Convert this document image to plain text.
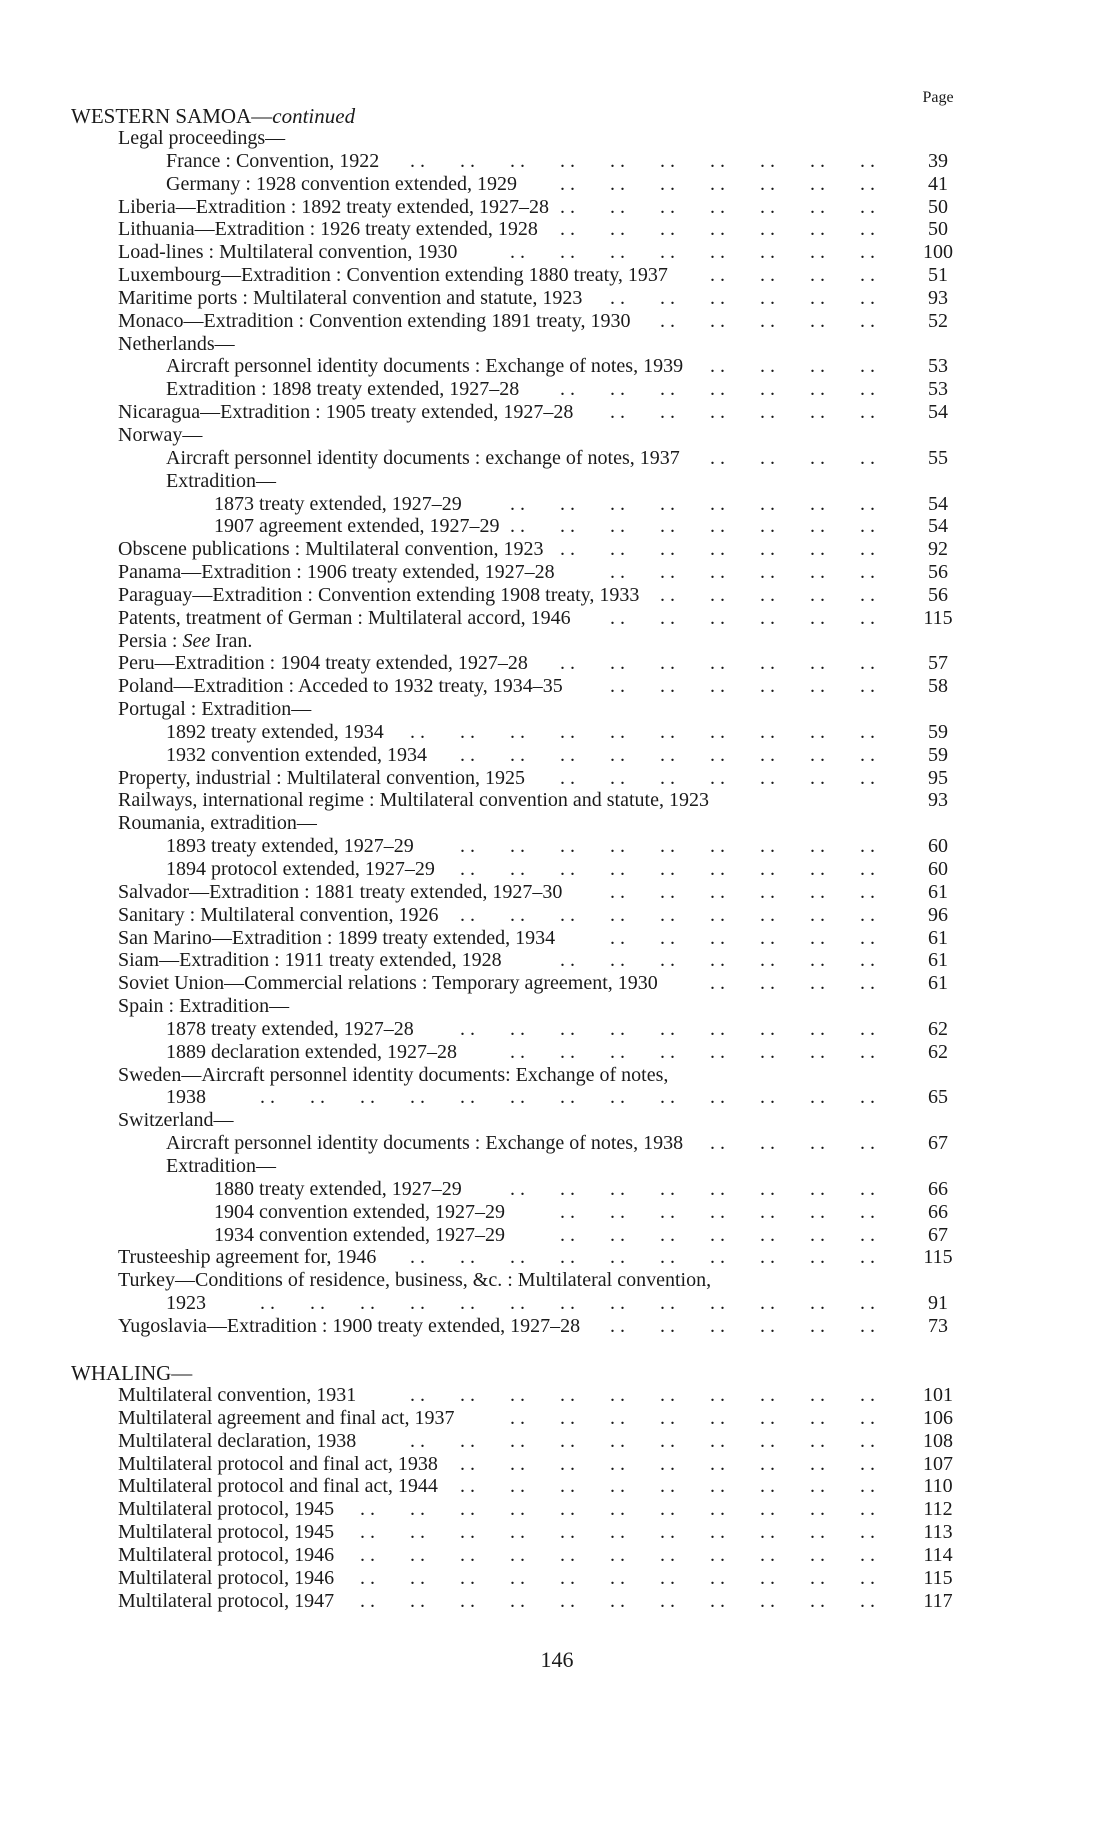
Page
WESTERN SAMOA—continued
Legal proceedings—
France : Convention, 1922 . . . . . . . . . . . . . . . . . . . .	39
Germany : 1928 convention extended, 1929 . . . . . . . . . . . . . .	41
Liberia—Extradition : 1892 treaty extended, 1927–28 . . . . . . . . . . . . . .	50
Lithuania—Extradition : 1926 treaty extended, 1928 . . . . . . . . . . . . . .	50
Load-lines : Multilateral convention, 1930	. . . . . . . . . . . . . . . . 100
Luxembourg—Extradition : Convention extending 1880 treaty, 1937 . . . . . . . .	51
Maritime ports : Multilateral convention and statute, 1923 . . . . . . . . . . . .	93
Monaco—Extradition : Convention extending 1891 treaty, 1930 . . . . . . . . . .	52
Netherlands—
Aircraft personnel identity documents : Exchange of notes, 1939 . . . . . . . .	53
Extradition : 1898 treaty extended, 1927–28 . . . . . . . . . . . . . .	53
Nicaragua—Extradition : 1905 treaty extended, 1927–28 . . . . . . . . . . . .	54
Norway—
Aircraft personnel identity documents : exchange of notes, 1937 . . . . . . . .	55
Extradition—
1873 treaty extended, 1927–29 . . . . . . . . . . . . . . . .	54
1907 agreement extended, 1927–29 . . . . . . . . . . . . . . . .	54
Obscene publications : Multilateral convention, 1923 . . . . . . . . . . . . . .	92
Panama—Extradition : 1906 treaty extended, 1927–28	. . . . . . . . . . . .	56
Paraguay—Extradition : Convention extending 1908 treaty, 1933 . . . . . . . . . .	56
Patents, treatment of German : Multilateral accord, 1946 . . . . . . . . . . . . 115
Persia : See Iran.
Peru—Extradition : 1904 treaty extended, 1927–28 . . . . . . . . . . . . . .	57
Poland—Extradition : Acceded to 1932 treaty, 1934–35 . . . . . . . . . . . .	58
Portugal : Extradition—
1892 treaty extended, 1934 . . . . . . . . . . . . . . . . . . . .	59
1932 convention extended, 1934 . . . . . . . . . . . . . . . . . .	59
Property, industrial : Multilateral convention, 1925 . . . . . . . . . . . . . .	95
Railways, international regime : Multilateral convention and statute, 1923	93
Roumania, extradition—
1893 treaty extended, 1927–29 . . . . . . . . . . . . . . . . . .	60
1894 protocol extended, 1927–29 . . . . . . . . . . . . . . . . . .	60
Salvador—Extradition : 1881 treaty extended, 1927–30 . . . . . . . . . . . .	61
Sanitary : Multilateral convention, 1926 . . . . . . . . . . . . . . . . . .	96
San Marino—Extradition : 1899 treaty extended, 1934	. . . . . . . . . . . .	61
Siam—Extradition : 1911 treaty extended, 1928	. . . . . . . . . . . . . .	61
Soviet Union—Commercial relations : Temporary agreement, 1930	. . . . . . . .	61
Spain : Extradition—
1878 treaty extended, 1927–28 . . . . . . . . . . . . . . . . . .	62
1889 declaration extended, 1927–28	. . . . . . . . . . . . . . . .	62
Sweden—Aircraft personnel identity documents: Exchange of notes,
1938	. . . . . . . . . . . . . . . . . . . . . . . . . .	65
Switzerland—
Aircraft personnel identity documents : Exchange of notes, 1938 . . . . . . . .	67
Extradition—
1880 treaty extended, 1927–29 . . . . . . . . . . . . . . . .	66
1904 convention extended, 1927–29	. . . . . . . . . . . . . .	66
1934 convention extended, 1927–29	. . . . . . . . . . . . . .	67
Trusteeship agreement for, 1946 . . . . . . . . . . . . . . . . . . . . 115
Turkey—Conditions of residence, business, &c. : Multilateral convention,
1923	. . . . . . . . . . . . . . . . . . . . . . . . . .	91
Yugoslavia—Extradition : 1900 treaty extended, 1927–28 . . . . . . . . . . . .	73
WHALING—
Multilateral convention, 1931	. . . . . . . . . . . . . . . . . . . . 101
Multilateral agreement and final act, 1937	. . . . . . . . . . . . . . . . 106
Multilateral declaration, 1938	. . . . . . . . . . . . . . . . . . . . 108
Multilateral protocol and final act, 1938 . . . . . . . . . . . . . . . . . . 107
Multilateral protocol and final act, 1944 . . . . . . . . . . . . . . . . . . 110
Multilateral protocol, 1945 . . . . . . . . . . . . . . . . . . . . . . 112
Multilateral protocol, 1945 . . . . . . . . . . . . . . . . . . . . . . 113
Multilateral protocol, 1946 . . . . . . . . . . . . . . . . . . . . . . 114
Multilateral protocol, 1946 . . . . . . . . . . . . . . . . . . . . . . 115
Multilateral protocol, 1947 . . . . . . . . . . . . . . . . . . . . . . 117
146
